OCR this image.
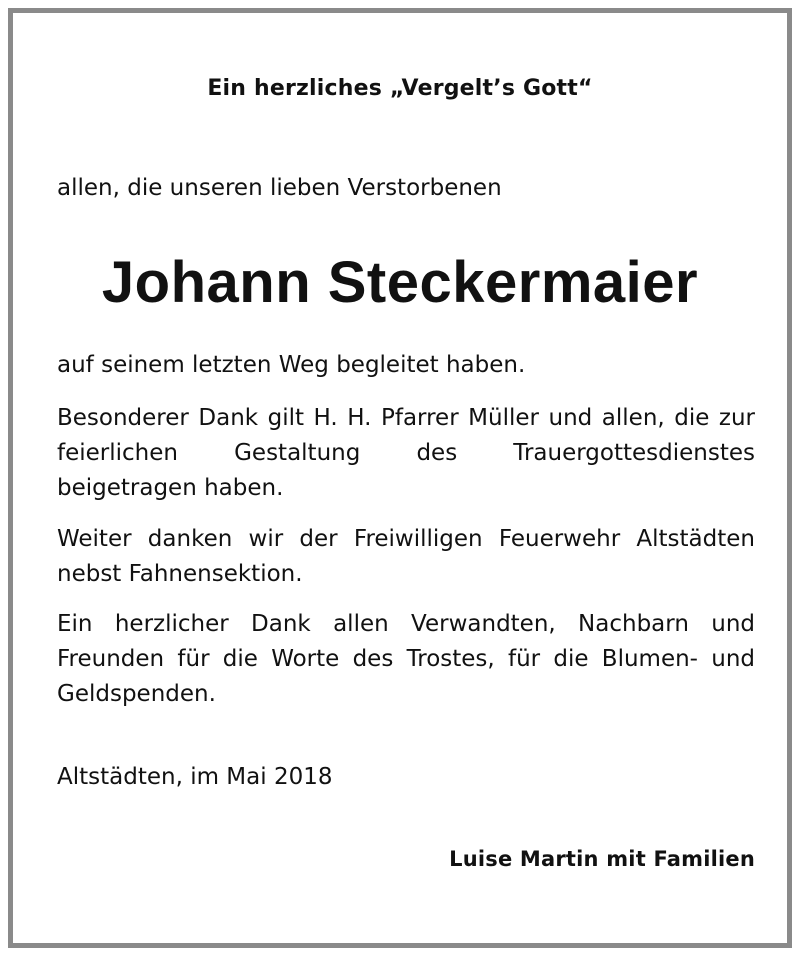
Ein herzliches „Vergelt’s Gott“
allen, die unseren lieben Verstorbenen
Johann Steckermaier
auf seinem letzten Weg begleitet haben.
Besonderer Dank gilt H. H. Pfarrer Müller und allen, die zur feierlichen Gestaltung des Trauergottesdienstes beigetragen haben.
Weiter danken wir der Freiwilligen Feuerwehr Altstädten nebst Fahnensektion.
Ein herzlicher Dank allen Verwandten, Nachbarn und Freunden für die Worte des Trostes, für die Blumen- und Geldspenden.
Altstädten, im Mai 2018
Luise Martin mit Familien
